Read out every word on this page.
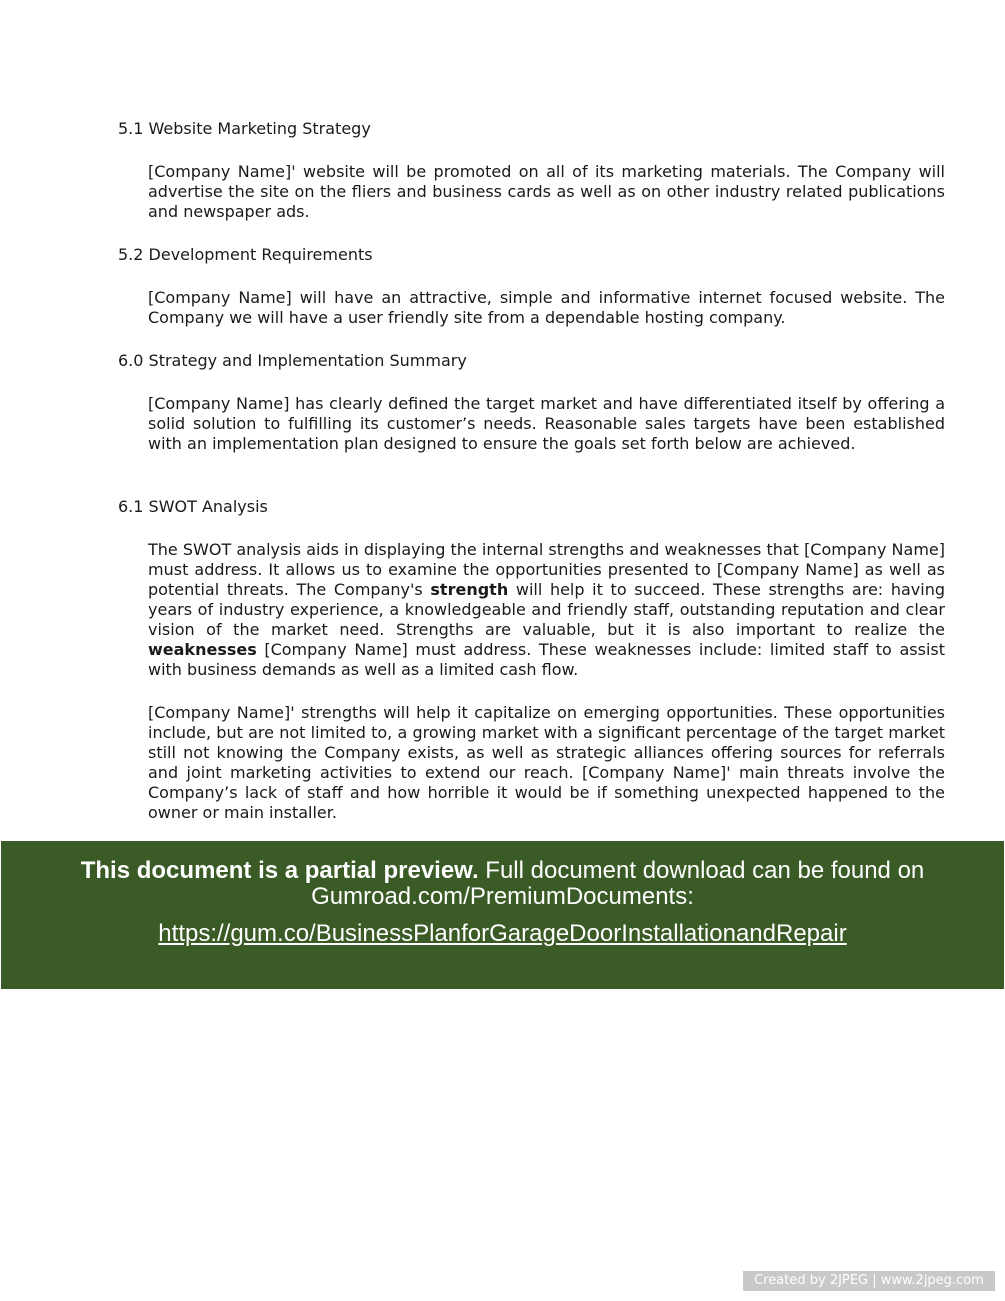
5.1 Website Marketing Strategy
[Company Name]' website will be promoted on all of its marketing materials. The Company will advertise the site on the fliers and business cards as well as on other industry related publications and newspaper ads.
5.2 Development Requirements
[Company Name] will have an attractive, simple and informative internet focused website. The Company we will have a user friendly site from a dependable hosting company.
6.0 Strategy and Implementation Summary
[Company Name] has clearly defined the target market and have differentiated itself by offering a solid solution to fulfilling its customer’s needs. Reasonable sales targets have been established with an implementation plan designed to ensure the goals set forth below are achieved.
6.1 SWOT Analysis
The SWOT analysis aids in displaying the internal strengths and weaknesses that [Company Name] must address. It allows us to examine the opportunities presented to [Company Name] as well as potential threats. The Company's strength will help it to succeed. These strengths are: having years of industry experience, a knowledgeable and friendly staff, outstanding reputation and clear vision of the market need. Strengths are valuable, but it is also important to realize the weaknesses [Company Name] must address. These weaknesses include: limited staff to assist with business demands as well as a limited cash flow.
[Company Name]' strengths will help it capitalize on emerging opportunities. These opportunities include, but are not limited to, a growing market with a significant percentage of the target market still not knowing the Company exists, as well as strategic alliances offering sources for referrals and joint marketing activities to extend our reach. [Company Name]' main threats involve the Company’s lack of staff and how horrible it would be if something unexpected happened to the owner or main installer.
This document is a partial preview. Full document download can be found on Gumroad.com/PremiumDocuments:
https://gum.co/BusinessPlanforGarageDoorInstallationandRepair
Created by 2JPEG | www.2jpeg.com
